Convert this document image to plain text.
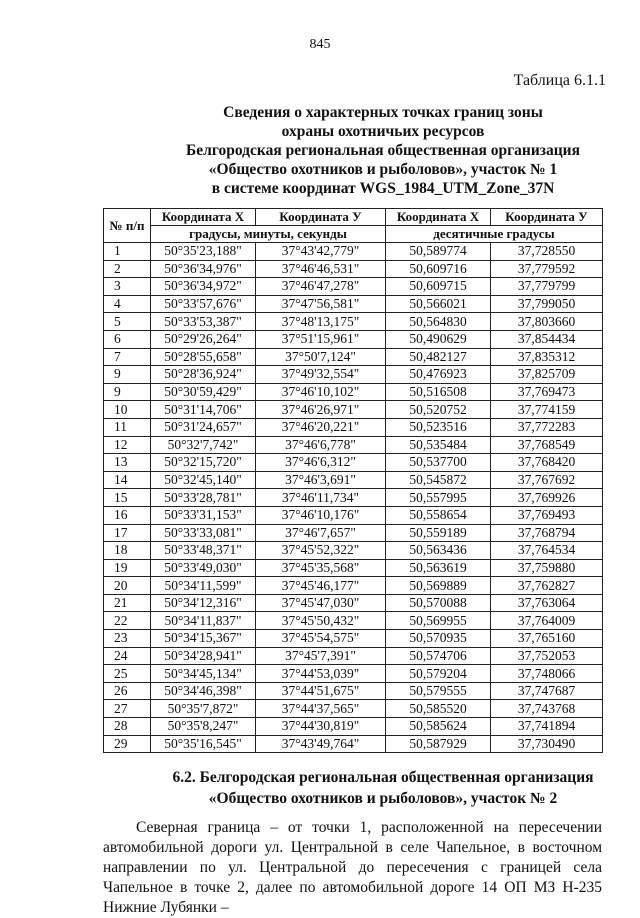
845
Таблица 6.1.1
Сведения о характерных точках границ зоны
охраны охотничьих ресурсов
Белгородская региональная общественная организация
«Общество охотников и рыболовов», участок № 1
в системе координат WGS_1984_UTM_Zone_37N
№ п/п	Координата X	Координата У	Координата X	Координата У
	градусы, минуты, секунды		десятичные градусы	
1	50°35'23,188"	37°43'42,779"	50,589774	37,728550
2	50°36'34,976"	37°46'46,531"	50,609716	37,779592
3	50°36'34,972"	37°46'47,278"	50,609715	37,779799
4	50°33'57,676"	37°47'56,581"	50,566021	37,799050
5	50°33'53,387"	37°48'13,175"	50,564830	37,803660
6	50°29'26,264"	37°51'15,961"	50,490629	37,854434
7	50°28'55,658"	37°50'7,124"	50,482127	37,835312
9	50°28'36,924"	37°49'32,554"	50,476923	37,825709
9	50°30'59,429"	37°46'10,102"	50,516508	37,769473
10	50°31'14,706"	37°46'26,971"	50,520752	37,774159
11	50°31'24,657"	37°46'20,221"	50,523516	37,772283
12	50°32'7,742"	37°46'6,778"	50,535484	37,768549
13	50°32'15,720"	37°46'6,312"	50,537700	37,768420
14	50°32'45,140"	37°46'3,691"	50,545872	37,767692
15	50°33'28,781"	37°46'11,734"	50,557995	37,769926
16	50°33'31,153"	37°46'10,176"	50,558654	37,769493
17	50°33'33,081"	37°46'7,657"	50,559189	37,768794
18	50°33'48,371"	37°45'52,322"	50,563436	37,764534
19	50°33'49,030"	37°45'35,568"	50,563619	37,759880
20	50°34'11,599"	37°45'46,177"	50,569889	37,762827
21	50°34'12,316"	37°45'47,030"	50,570088	37,763064
22	50°34'11,837"	37°45'50,432"	50,569955	37,764009
23	50°34'15,367"	37°45'54,575"	50,570935	37,765160
24	50°34'28,941"	37°45'7,391"	50,574706	37,752053
25	50°34'45,134"	37°44'53,039"	50,579204	37,748066
26	50°34'46,398"	37°44'51,675"	50,579555	37,747687
27	50°35'7,872"	37°44'37,565"	50,585520	37,743768
28	50°35'8,247"	37°44'30,819"	50,585624	37,741894
29	50°35'16,545"	37°43'49,764"	50,587929	37,730490
6.2. Белгородская региональная общественная организация
«Общество охотников и рыболовов», участок № 2
Северная граница – от точки 1, расположенной на пересечении автомобильной дороги ул. Центральной в селе Чапельное, в восточном направлении по ул. Центральной до пересечения с границей села Чапельное в точке 2, далее по автомобильной дороге 14 ОП МЗ Н-235 Нижние Лубянки –
